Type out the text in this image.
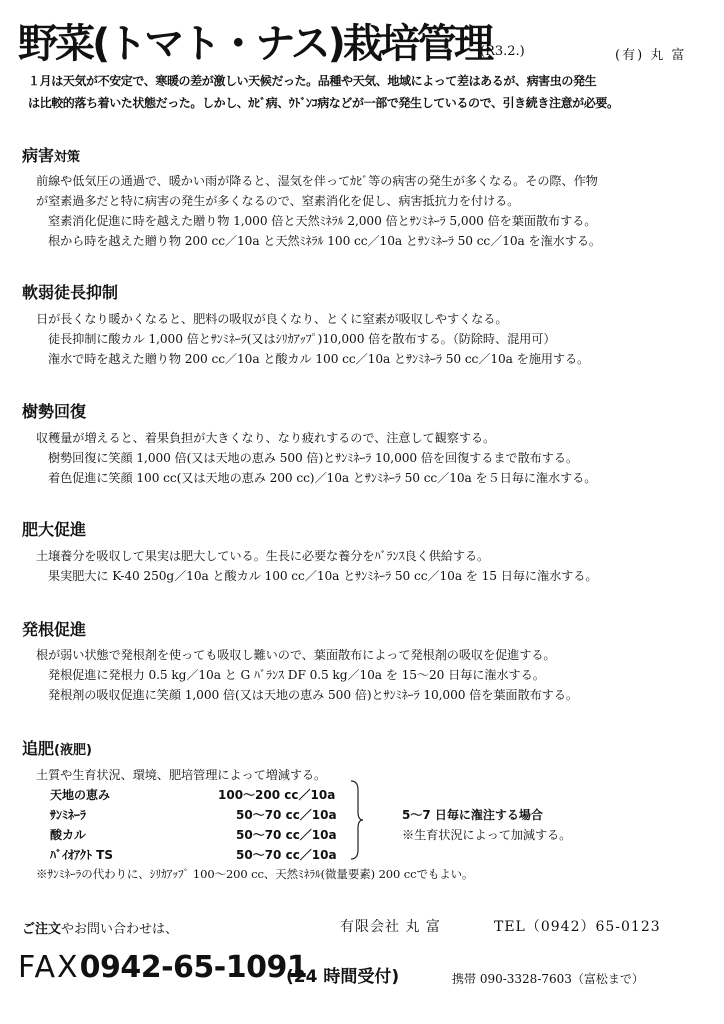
野菜(トマト・ナス)栽培管理
(R3.2.)	(有) 丸 富
１月は天気が不安定で、寒暖の差が激しい天候だった。品種や天気、地域によって差はあるが、病害虫の発生
は比較的落ち着いた状態だった。しかし、ｶﾋﾞ病、ｳﾄﾞﾝｺ病などが一部で発生しているので、引き続き注意が必要。
病害対策
前線や低気圧の通過で、暖かい雨が降ると、湿気を伴ってｶﾋﾞ等の病害の発生が多くなる。その際、作物
が窒素過多だと特に病害の発生が多くなるので、窒素消化を促し、病害抵抗力を付ける。
窒素消化促進に時を越えた贈り物 1,000 倍と天然ﾐﾈﾗﾙ 2,000 倍とｻﾝﾐﾈｰﾗ 5,000 倍を葉面散布する。
根から時を越えた贈り物 200 cc／10a と天然ﾐﾈﾗﾙ 100 cc／10a とｻﾝﾐﾈｰﾗ 50 cc／10a を潅水する。
軟弱徒長抑制
日が長くなり暖かくなると、肥料の吸収が良くなり、とくに窒素が吸収しやすくなる。
徒長抑制に酸カル 1,000 倍とｻﾝﾐﾈｰﾗ(又はｼﾘｶｱｯﾌﾟ)10,000 倍を散布する。（防除時、混用可）
潅水で時を越えた贈り物 200 cc／10a と酸カル 100 cc／10a とｻﾝﾐﾈｰﾗ 50 cc／10a を施用する。
樹勢回復
収穫量が増えると、着果負担が大きくなり、なり疲れするので、注意して観察する。
樹勢回復に笑顔 1,000 倍(又は天地の恵み 500 倍)とｻﾝﾐﾈｰﾗ 10,000 倍を回復するまで散布する。
着色促進に笑顔 100 cc(又は天地の恵み 200 cc)／10a とｻﾝﾐﾈｰﾗ 50 cc／10a を５日毎に潅水する。
肥大促進
土壌養分を吸収して果実は肥大している。生長に必要な養分をﾊﾞﾗﾝｽ良く供給する。
果実肥大に K-40 250g／10a と酸カル 100 cc／10a とｻﾝﾐﾈｰﾗ 50 cc／10a を 15 日毎に潅水する。
発根促進
根が弱い状態で発根剤を使っても吸収し難いので、葉面散布によって発根剤の吸収を促進する。
発根促進に発根力 0.5 kg／10a と G ﾊﾞﾗﾝｽ DF 0.5 kg／10a を 15～20 日毎に潅水する。
発根剤の吸収促進に笑顔 1,000 倍(又は天地の恵み 500 倍)とｻﾝﾐﾈｰﾗ 10,000 倍を葉面散布する。
追肥(液肥)
土質や生育状況、環境、肥培管理によって増減する。
天地の恵み	100～200 cc／10a
ｻﾝﾐﾈｰﾗ	50～70 cc／10a
酸カル	50～70 cc／10a
ﾊﾞｲｵｱｸﾄ TS	50～70 cc／10a
5～7 日毎に潅注する場合
※生育状況によって加減する。
※ｻﾝﾐﾈｰﾗの代わりに、ｼﾘｶｱｯﾌﾟ 100～200 cc、天然ﾐﾈﾗﾙ(微量要素) 200 ccでもよい。
ご注文やお問い合わせは、	有限会社 丸 富	TEL（0942）65-0123
FAX0942-65-1091
(24 時間受付)	携帯 090-3328-7603（富松まで）
